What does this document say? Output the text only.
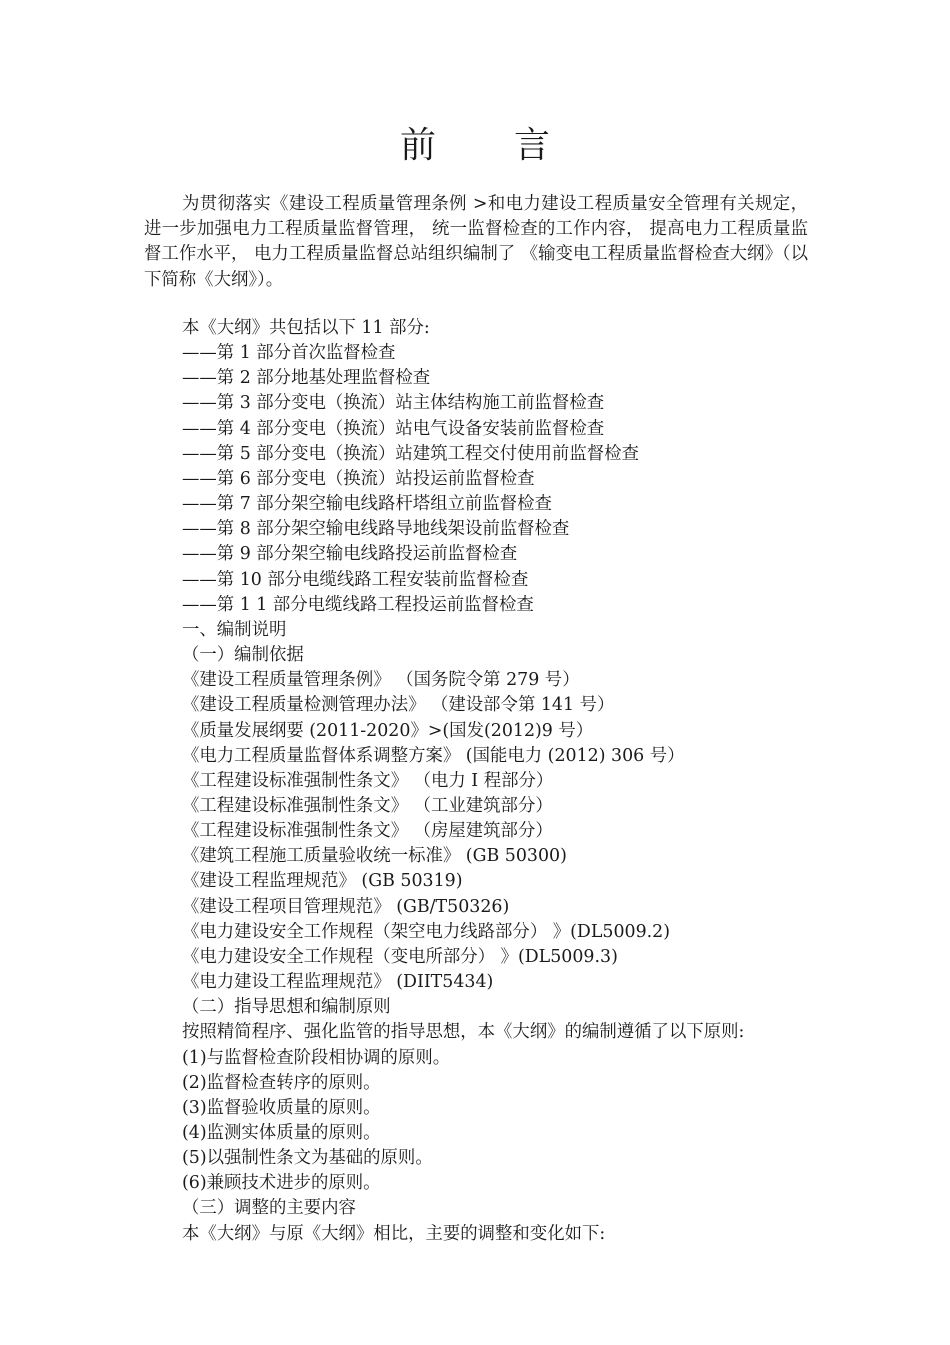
前言

为贯彻落实《建设工程质量管理条例 >和电力建设工程质量安全管理有关规定，进一步加强电力工程质量监督管理， 统一监督检查的工作内容， 提高电力工程质量监督工作水平， 电力工程质量监督总站组织编制了 《输变电工程质量监督检查大纲》（以下简称《大纲》）。

本《大纲》共包括以下 11 部分:
——第 1 部分首次监督检查
——第 2 部分地基处理监督检查
——第 3 部分变电（换流）站主体结构施工前监督检查
——第 4 部分变电（换流）站电气设备安装前监督检查
——第 5 部分变电（换流）站建筑工程交付使用前监督检查
——第 6 部分变电（换流）站投运前监督检查
——第 7 部分架空输电线路杆塔组立前监督检查
——第 8 部分架空输电线路导地线架设前监督检查
——第 9 部分架空输电线路投运前监督检查
——第 10 部分电缆线路工程安装前监督检查
——第 1 1 部分电缆线路工程投运前监督检查
一、编制说明
（一）编制依据
《建设工程质量管理条例》 （国务院令第 279 号）
《建设工程质量检测管理办法》 （建设部令第 141 号）
《质量发展纲要 (2011-2020》>(国发(2012)9 号）
《电力工程质量监督体系调整方案》 (国能电力 (2012) 306 号）
《工程建设标准强制性条文》 （电力 I 程部分）
《工程建设标准强制性条文》 （工业建筑部分）
《工程建设标准强制性条文》 （房屋建筑部分）
《建筑工程施工质量验收统一标准》 (GB 50300)
《建设工程监理规范》 (GB 50319)
《建设工程项目管理规范》 (GB/T50326)
《电力建设安全工作规程（架空电力线路部分） 》(DL5009.2)
《电力建设安全工作规程（变电所部分） 》(DL5009.3)
《电力建设工程监理规范》 (DIIT5434)
（二）指导思想和编制原则
按照精简程序、强化监管的指导思想，本《大纲》的编制遵循了以下原则:
(1)与监督检查阶段相协调的原则。
(2)监督检查转序的原则。
(3)监督验收质量的原则。
(4)监测实体质量的原则。
(5)以强制性条文为基础的原则。
(6)兼顾技术进步的原则。
（三）调整的主要内容
本《大纲》与原《大纲》相比，主要的调整和变化如下:
